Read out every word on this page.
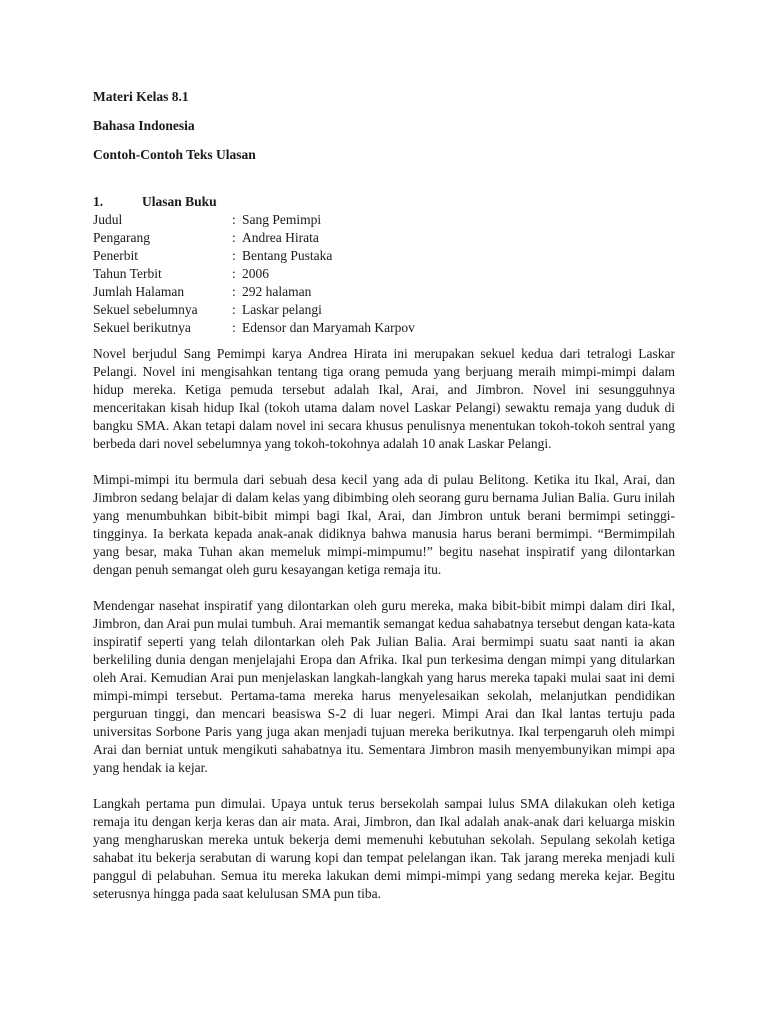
Materi Kelas 8.1
Bahasa Indonesia
Contoh-Contoh Teks Ulasan
1.	Ulasan Buku
Judul	:	Sang Pemimpi
Pengarang	:	Andrea Hirata
Penerbit	:	Bentang Pustaka
Tahun Terbit	:	2006
Jumlah Halaman	:	292 halaman
Sekuel sebelumnya	:	Laskar pelangi
Sekuel berikutnya	:	Edensor dan Maryamah Karpov

Novel berjudul Sang Pemimpi karya Andrea Hirata ini merupakan sekuel kedua dari tetralogi Laskar Pelangi. Novel ini mengisahkan tentang tiga orang pemuda yang berjuang meraih mimpi-mimpi dalam hidup mereka. Ketiga pemuda tersebut adalah Ikal, Arai, and Jimbron. Novel ini sesungguhnya menceritakan kisah hidup Ikal (tokoh utama dalam novel Laskar Pelangi) sewaktu remaja yang duduk di bangku SMA. Akan tetapi dalam novel ini secara khusus penulisnya menentukan tokoh-tokoh sentral yang berbeda dari novel sebelumnya yang tokoh-tokohnya adalah 10 anak Laskar Pelangi.

Mimpi-mimpi itu bermula dari sebuah desa kecil yang ada di pulau Belitong. Ketika itu Ikal, Arai, dan Jimbron sedang belajar di dalam kelas yang dibimbing oleh seorang guru bernama Julian Balia. Guru inilah yang menumbuhkan bibit-bibit mimpi bagi Ikal, Arai, dan Jimbron untuk berani bermimpi setinggi-tingginya. Ia berkata kepada anak-anak didiknya bahwa manusia harus berani bermimpi. “Bermimpilah yang besar, maka Tuhan akan memeluk mimpi-mimpumu!” begitu nasehat inspiratif yang dilontarkan dengan penuh semangat oleh guru kesayangan ketiga remaja itu.

Mendengar nasehat inspiratif yang dilontarkan oleh guru mereka, maka bibit-bibit mimpi dalam diri Ikal, Jimbron, dan Arai pun mulai tumbuh. Arai memantik semangat kedua sahabatnya tersebut dengan kata-kata inspiratif seperti yang telah dilontarkan oleh Pak Julian Balia. Arai bermimpi suatu saat nanti ia akan berkeliling dunia dengan menjelajahi Eropa dan Afrika. Ikal pun terkesima dengan mimpi yang ditularkan oleh Arai. Kemudian Arai pun menjelaskan langkah-langkah yang harus mereka tapaki mulai saat ini demi mimpi-mimpi tersebut. Pertama-tama mereka harus menyelesaikan sekolah, melanjutkan pendidikan perguruan tinggi, dan mencari beasiswa S-2 di luar negeri. Mimpi Arai dan Ikal lantas tertuju pada universitas Sorbone Paris yang juga akan menjadi tujuan mereka berikutnya. Ikal terpengaruh oleh mimpi Arai dan berniat untuk mengikuti sahabatnya itu. Sementara Jimbron masih menyembunyikan mimpi apa yang hendak ia kejar.

Langkah pertama pun dimulai. Upaya untuk terus bersekolah sampai lulus SMA dilakukan oleh ketiga remaja itu dengan kerja keras dan air mata. Arai, Jimbron, dan Ikal adalah anak-anak dari keluarga miskin yang mengharuskan mereka untuk bekerja demi memenuhi kebutuhan sekolah. Sepulang sekolah ketiga sahabat itu bekerja serabutan di warung kopi dan tempat pelelangan ikan. Tak jarang mereka menjadi kuli panggul di pelabuhan. Semua itu mereka lakukan demi mimpi-mimpi yang sedang mereka kejar. Begitu seterusnya hingga pada saat kelulusan SMA pun tiba.
